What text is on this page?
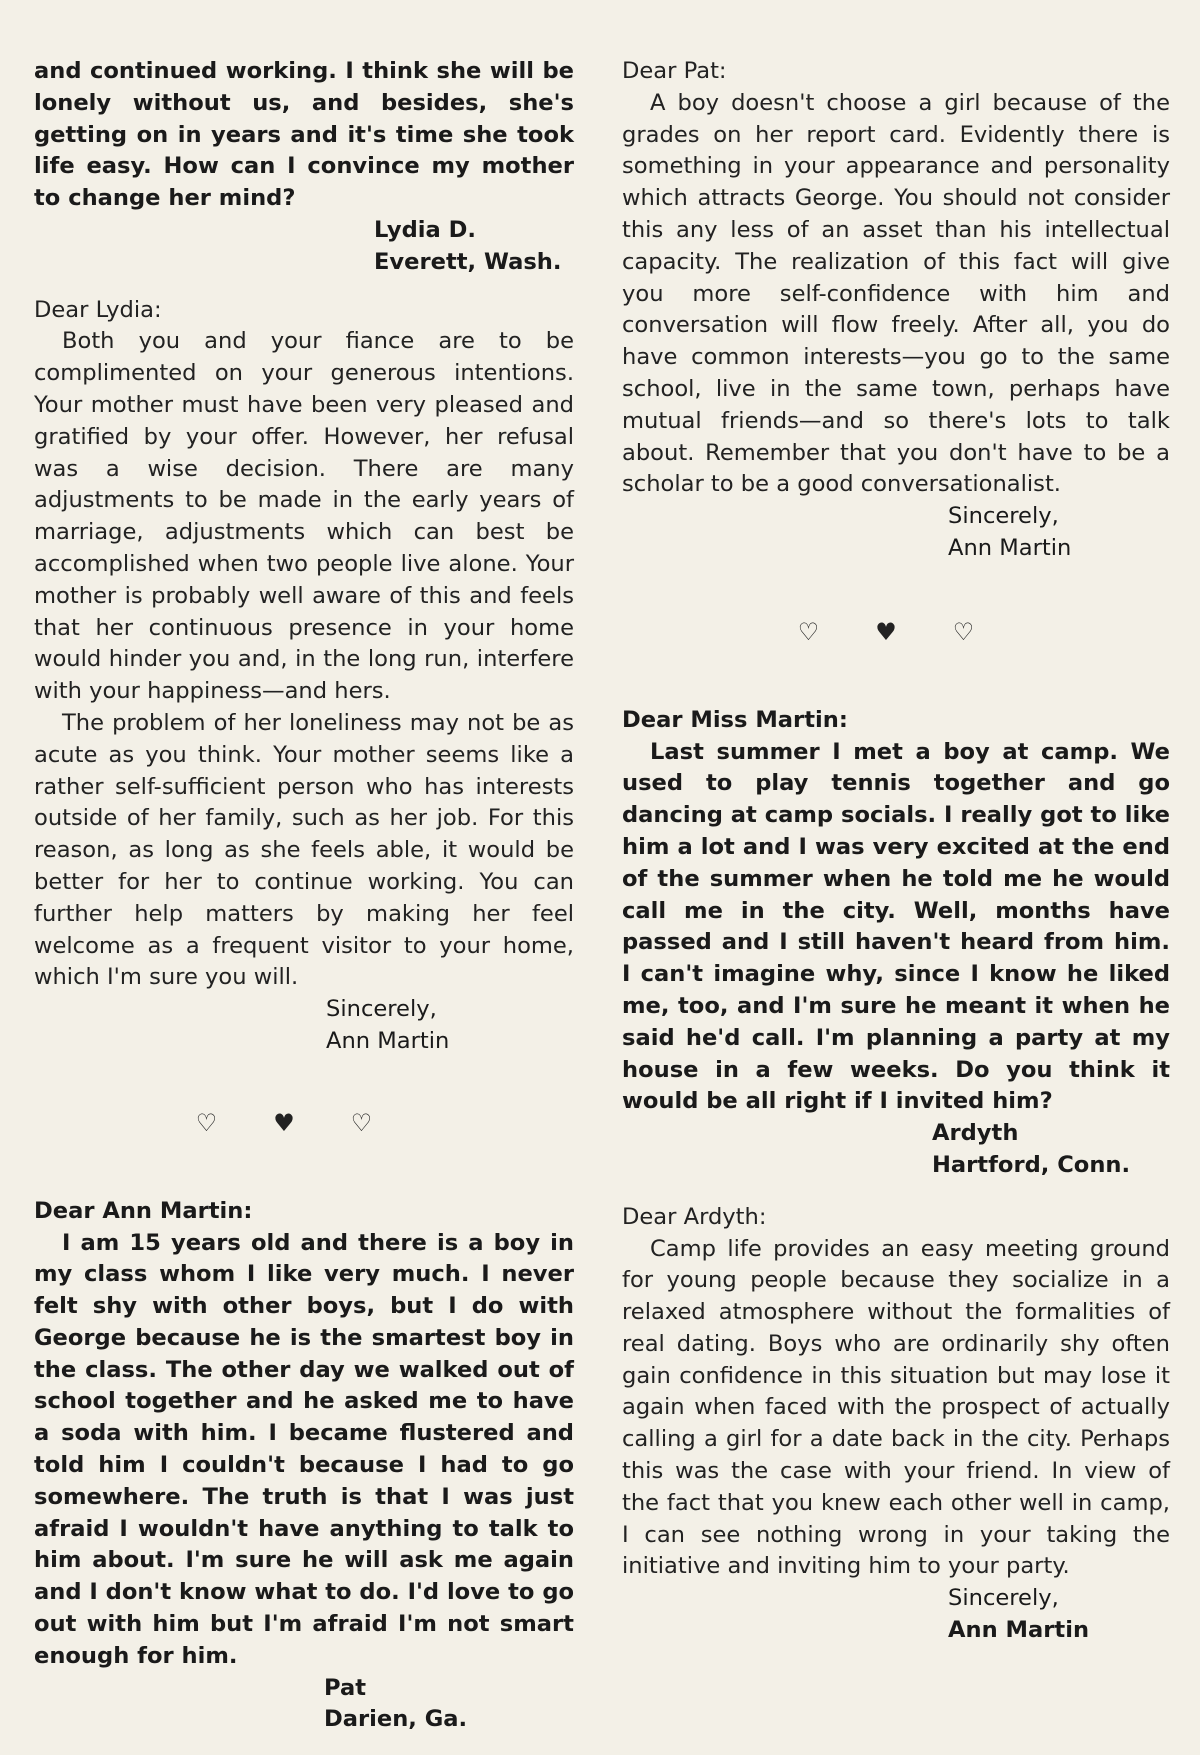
and continued working. I think she will be lonely without us, and besides, she's getting on in years and it's time she took life easy. How can I convince my mother to change her mind?

Lydia D.

Everett, Wash.

Dear Lydia:

Both you and your fiance are to be complimented on your generous intentions. Your mother must have been very pleased and gratified by your offer. However, her refusal was a wise decision. There are many adjustments to be made in the early years of marriage, adjustments which can best be accomplished when two people live alone. Your mother is probably well aware of this and feels that her continuous presence in your home would hinder you and, in the long run, interfere with your happiness—and hers.

The problem of her loneliness may not be as acute as you think. Your mother seems like a rather self-sufficient person who has interests outside of her family, such as her job. For this reason, as long as she feels able, it would be better for her to continue working. You can further help matters by making her feel welcome as a frequent visitor to your home, which I'm sure you will.

Sincerely,

Ann Martin

♡ ♥ ♡

Dear Ann Martin:

I am 15 years old and there is a boy in my class whom I like very much. I never felt shy with other boys, but I do with George because he is the smartest boy in the class. The other day we walked out of school together and he asked me to have a soda with him. I became flustered and told him I couldn't because I had to go somewhere. The truth is that I was just afraid I wouldn't have anything to talk to him about. I'm sure he will ask me again and I don't know what to do. I'd love to go out with him but I'm afraid I'm not smart enough for him.

Pat

Darien, Ga.

Dear Pat:

A boy doesn't choose a girl because of the grades on her report card. Evidently there is something in your appearance and personality which attracts George. You should not consider this any less of an asset than his intellectual capacity. The realization of this fact will give you more self-confidence with him and conversation will flow freely. After all, you do have common interests—you go to the same school, live in the same town, perhaps have mutual friends—and so there's lots to talk about. Remember that you don't have to be a scholar to be a good conversationalist.

Sincerely,

Ann Martin

♡ ♥ ♡

Dear Miss Martin:

Last summer I met a boy at camp. We used to play tennis together and go dancing at camp socials. I really got to like him a lot and I was very excited at the end of the summer when he told me he would call me in the city. Well, months have passed and I still haven't heard from him. I can't imagine why, since I know he liked me, too, and I'm sure he meant it when he said he'd call. I'm planning a party at my house in a few weeks. Do you think it would be all right if I invited him?

Ardyth

Hartford, Conn.

Dear Ardyth:

Camp life provides an easy meeting ground for young people because they socialize in a relaxed atmosphere without the formalities of real dating. Boys who are ordinarily shy often gain confidence in this situation but may lose it again when faced with the prospect of actually calling a girl for a date back in the city. Perhaps this was the case with your friend. In view of the fact that you knew each other well in camp, I can see nothing wrong in your taking the initiative and inviting him to your party.

Sincerely,

Ann Martin
